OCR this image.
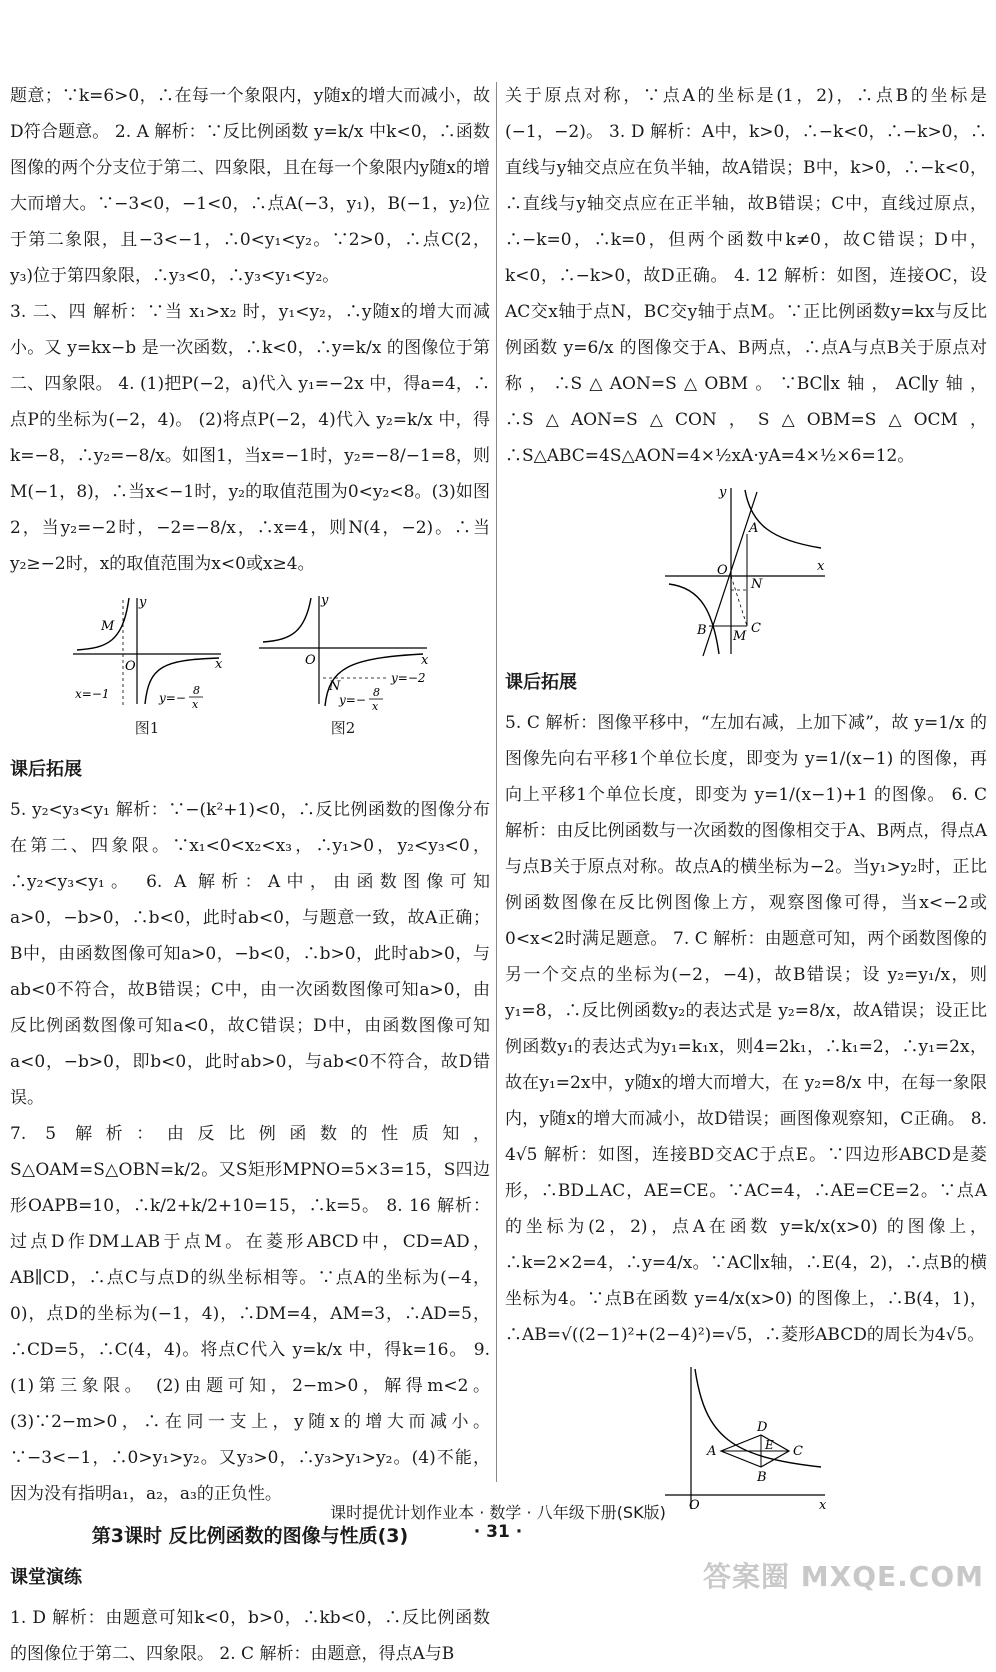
题意；∵k=6>0，∴在每一个象限内，y随x的增大而减小，故D符合题意。 2. A 解析：∵反比例函数 y=k/x 中k<0，∴函数图像的两个分支位于第二、四象限，且在每一个象限内y随x的增大而增大。∵−3<0，−1<0，∴点A(−3，y₁)，B(−1，y₂)位于第二象限，且−3<−1，∴0<y₁<y₂。∵2>0，∴点C(2，y₃)位于第四象限，∴y₃<0，∴y₃<y₁<y₂。

3. 二、四 解析：∵当 x₁>x₂ 时，y₁<y₂，∴y随x的增大而减小。又 y=kx−b 是一次函数，∴k<0，∴y=k/x 的图像位于第二、四象限。 4. (1)把P(−2，a)代入 y₁=−2x 中，得a=4，∴点P的坐标为(−2，4)。 (2)将点P(−2，4)代入 y₂=k/x 中，得k=−8，∴y₂=−8/x。如图1，当x=−1时，y₂=−8/−1=8，则M(−1，8)，∴当x<−1时，y₂的取值范围为0<y₂<8。(3)如图2，当y₂=−2时，−2=−8/x，∴x=4，则N(4，−2)。∴当y₂≥−2时，x的取值范围为x<0或x≥4。

y
x
O
M
x=−1	y=−
8
x
图1
y
x
O
N
y=−2
y=−
8
x
图2
课后拓展

5. y₂<y₃<y₁ 解析：∵−(k²+1)<0，∴反比例函数的图像分布在第二、四象限。∵x₁<0<x₂<x₃，∴y₁>0，y₂<y₃<0，∴y₂<y₃<y₁。 6. A 解析：A中，由函数图像可知a>0，−b>0，∴b<0，此时ab<0，与题意一致，故A正确；B中，由函数图像可知a>0，−b<0，∴b>0，此时ab>0，与ab<0不符合，故B错误；C中，由一次函数图像可知a>0，由反比例函数图像可知a<0，故C错误；D中，由函数图像可知a<0，−b>0，即b<0，此时ab>0，与ab<0不符合，故D错误。

7. 5 解析：由反比例函数的性质知，S△OAM=S△OBN=k/2。又S矩形MPNO=5×3=15，S四边形OAPB=10，∴k/2+k/2+10=15，∴k=5。 8. 16 解析：过点D作DM⊥AB于点M。在菱形ABCD中，CD=AD，AB∥CD，∴点C与点D的纵坐标相等。∵点A的坐标为(−4，0)，点D的坐标为(−1，4)，∴DM=4，AM=3，∴AD=5，∴CD=5，∴C(4，4)。将点C代入 y=k/x 中，得k=16。 9. (1)第三象限。 (2)由题可知，2−m>0，解得m<2。 (3)∵2−m>0，∴在同一支上，y随x的增大而减小。∵−3<−1，∴0>y₁>y₂。又y₃>0，∴y₃>y₁>y₂。(4)不能，因为没有指明a₁，a₂，a₃的正负性。

第3课时 反比例函数的图像与性质(3)
课堂演练

1. D 解析：由题意可知k<0，b>0，∴kb<0，∴反比例函数的图像位于第二、四象限。 2. C 解析：由题意，得点A与B

关于原点对称，∵点A的坐标是(1，2)，∴点B的坐标是(−1，−2)。 3. D 解析：A中，k>0，∴−k<0，∴−k>0，∴直线与y轴交点应在负半轴，故A错误；B中，k>0，∴−k<0，∴直线与y轴交点应在正半轴，故B错误；C中，直线过原点，∴−k=0，∴k=0，但两个函数中k≠0，故C错误；D中，k<0，∴−k>0，故D正确。 4. 12 解析：如图，连接OC，设AC交x轴于点N，BC交y轴于点M。∵正比例函数y=kx与反比例函数 y=6/x 的图像交于A、B两点，∴点A与点B关于原点对称，∴S△AON=S△OBM。∵BC∥x轴，AC∥y轴，∴S△AON=S△CON，S△OBM=S△OCM，∴S△ABC=4S△AON=4×½xA·yA=4×½×6=12。

y
x
O
A
B	C
M
N
课后拓展

5. C 解析：图像平移中，“左加右减，上加下减”，故 y=1/x 的图像先向右平移1个单位长度，即变为 y=1/(x−1) 的图像，再向上平移1个单位长度，即变为 y=1/(x−1)+1 的图像。 6. C 解析：由反比例函数与一次函数的图像相交于A、B两点，得点A与点B关于原点对称。故点A的横坐标为−2。当y₁>y₂时，正比例函数图像在反比例图像上方，观察图像可得，当x<−2或0<x<2时满足题意。 7. C 解析：由题意可知，两个函数图像的另一个交点的坐标为(−2，−4)，故B错误；设 y₂=y₁/x，则y₁=8，∴反比例函数y₂的表达式是 y₂=8/x，故A错误；设正比例函数y₁的表达式为y₁=k₁x，则4=2k₁，∴k₁=2，∴y₁=2x，故在y₁=2x中，y随x的增大而增大，在 y₂=8/x 中，在每一象限内，y随x的增大而减小，故D错误；画图像观察知，C正确。 8. 4√5 解析：如图，连接BD交AC于点E。∵四边形ABCD是菱形，∴BD⊥AC，AE=CE。∵AC=4，∴AE=CE=2。∵点A的坐标为(2，2)，点A在函数 y=k/x(x>0) 的图像上，∴k=2×2=4，∴y=4/x。∵AC∥x轴，∴E(4，2)，∴点B的横坐标为4。∵点B在函数 y=4/x(x>0) 的图像上，∴B(4，1)，∴AB=√((2−1)²+(2−4)²)=√5，∴菱形ABCD的周长为4√5。

O	x
A
B
C
D
E
课时提优计划作业本 · 数学 · 八年级下册(SK版)
· 31 ·
答案圈 MXQE.COM
